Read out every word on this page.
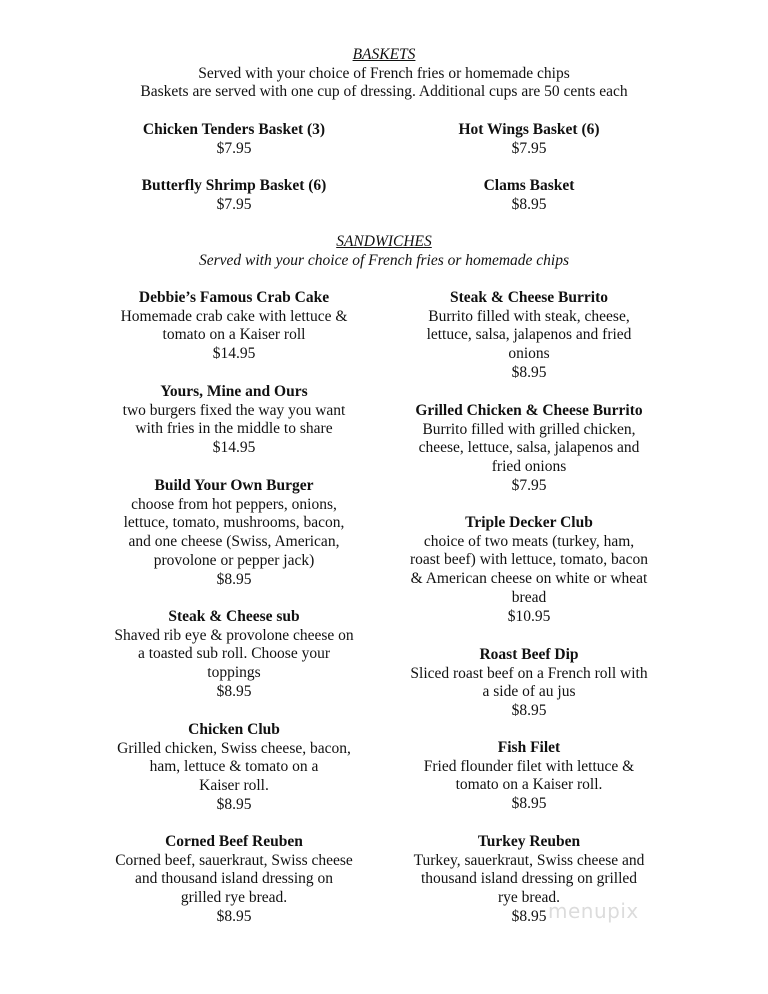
BASKETS
Served with your choice of French fries or homemade chips
Baskets are served with one cup of dressing. Additional cups are 50 cents each
Chicken Tenders Basket (3)
$7.95
Butterfly Shrimp Basket (6)
$7.95
Hot Wings Basket (6)
$7.95
Clams Basket
$8.95
SANDWICHES
Served with your choice of French fries or homemade chips
Debbie’s Famous Crab Cake
Homemade crab cake with lettuce &
tomato on a Kaiser roll
$14.95
Yours, Mine and Ours
two burgers fixed the way you want
with fries in the middle to share
$14.95
Build Your Own Burger
choose from hot peppers, onions,
lettuce, tomato, mushrooms, bacon,
and one cheese (Swiss, American,
provolone or pepper jack)
$8.95
Steak & Cheese sub
Shaved rib eye & provolone cheese on
a toasted sub roll. Choose your
toppings
$8.95
Chicken Club
Grilled chicken, Swiss cheese, bacon,
ham, lettuce & tomato on a
Kaiser roll.
$8.95
Corned Beef Reuben
Corned beef, sauerkraut, Swiss cheese
and thousand island dressing on
grilled rye bread.
$8.95
Steak & Cheese Burrito
Burrito filled with steak, cheese,
lettuce, salsa, jalapenos and fried
onions
$8.95
Grilled Chicken & Cheese Burrito
Burrito filled with grilled chicken,
cheese, lettuce, salsa, jalapenos and
fried onions
$7.95
Triple Decker Club
choice of two meats (turkey, ham,
roast beef) with lettuce, tomato, bacon
& American cheese on white or wheat
bread
$10.95
Roast Beef Dip
Sliced roast beef on a French roll with
a side of au jus
$8.95
Fish Filet
Fried flounder filet with lettuce &
tomato on a Kaiser roll.
$8.95
Turkey Reuben
Turkey, sauerkraut, Swiss cheese and
thousand island dressing on grilled
rye bread.
$8.95 menupix
